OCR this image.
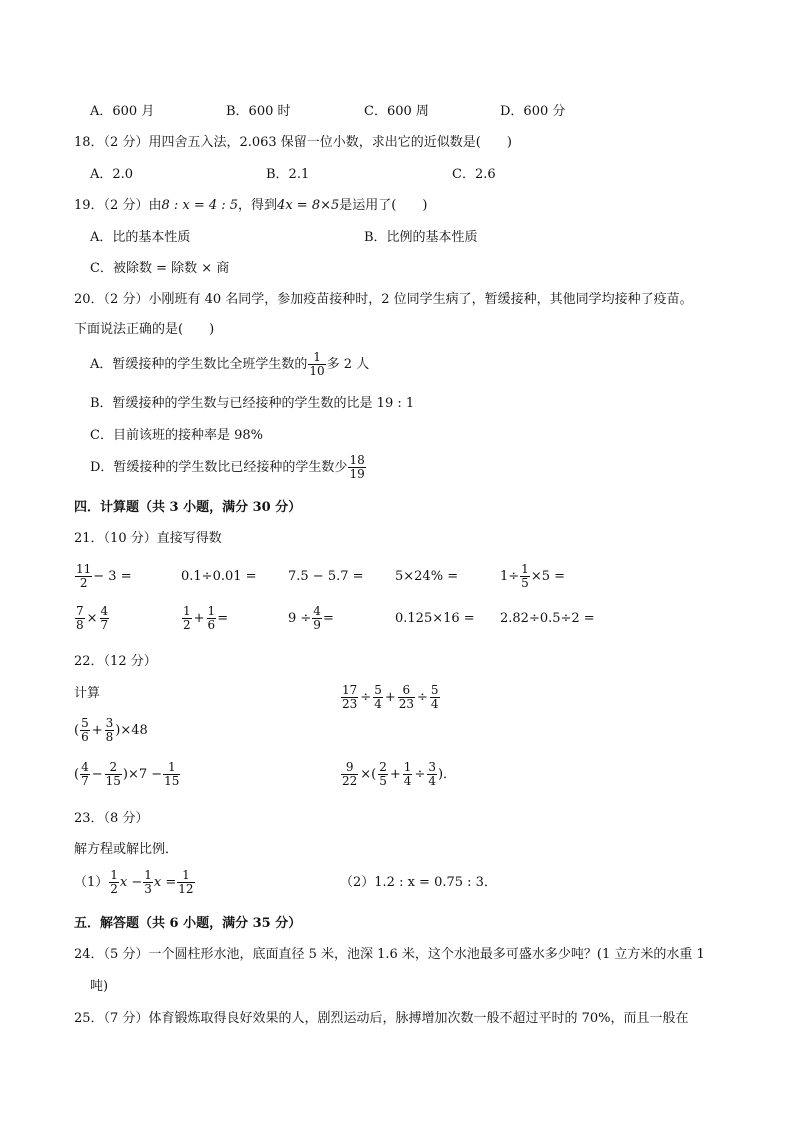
A．600 月	B．600 时	C．600 周	D．600 分
18．（2 分）用四舍五入法，2.063 保留一位小数，求出它的近似数是(　　)
A．2.0	B．2.1	C．2.6
19．（2 分）由8 : x = 4 : 5，得到4x = 8×5是运用了(　　)
A．比的基本性质	B．比例的基本性质
C．被除数 = 除数 × 商
20．（2 分）小刚班有 40 名同学，参加疫苗接种时，2 位同学生病了，暂缓接种，其他同学均接种了疫苗。
下面说法正确的是(　　)
A．暂缓接种的学生数比全班学生数的 $\frac{1}{10}$ 多 2 人
B．暂缓接种的学生数与已经接种的学生数的比是 19 : 1
C．目前该班的接种率是 98%
D．暂缓接种的学生数比已经接种的学生数少 $\frac{18}{19}$
四．计算题（共 3 小题，满分 30 分）
21．（10 分）直接写得数
$\frac{11}{2} - 3$ =	0.1÷0.01 = 7.5 − 5.7 = 5×24% =	$1\div \frac{1}{5} \times 5$ =
$\frac{7}{8} \times \frac{4}{7}$	$\frac{1}{2} + \frac{1}{6}$ =	$9 \div \frac{4}{9}$ =	0.125×16 = 2.82÷0.5÷2 =
22．（12 分）
计算	$\frac{17}{23} \div \frac{5}{4} + \frac{6}{23} \div \frac{5}{4}$
( $\frac{5}{6} + \frac{3}{8} )\times 48$
( $\frac{4}{7} - \frac{2}{15} )\times 7 - \frac{1}{15}$	$\frac{9}{22}$ ×( $\frac{2}{5} + \frac{1}{4} \div \frac{3}{4}$ )．
23．（8 分）
解方程或解比例．
$(1) \frac{1}{2}$ $x - \frac{1}{3}$ $x = \frac{1}{12}$	（2）1.2 : x = 0.75 : 3．
五．解答题（共 6 小题，满分 35 分）
24．（5 分）一个圆柱形水池，底面直径 5 米，池深 1.6 米，这个水池最多可盛水多少吨？(1 立方米的水重 1
吨)
25．（7 分）体育锻炼取得良好效果的人，剧烈运动后，脉搏增加次数一般不超过平时的 70%，而且一般在
